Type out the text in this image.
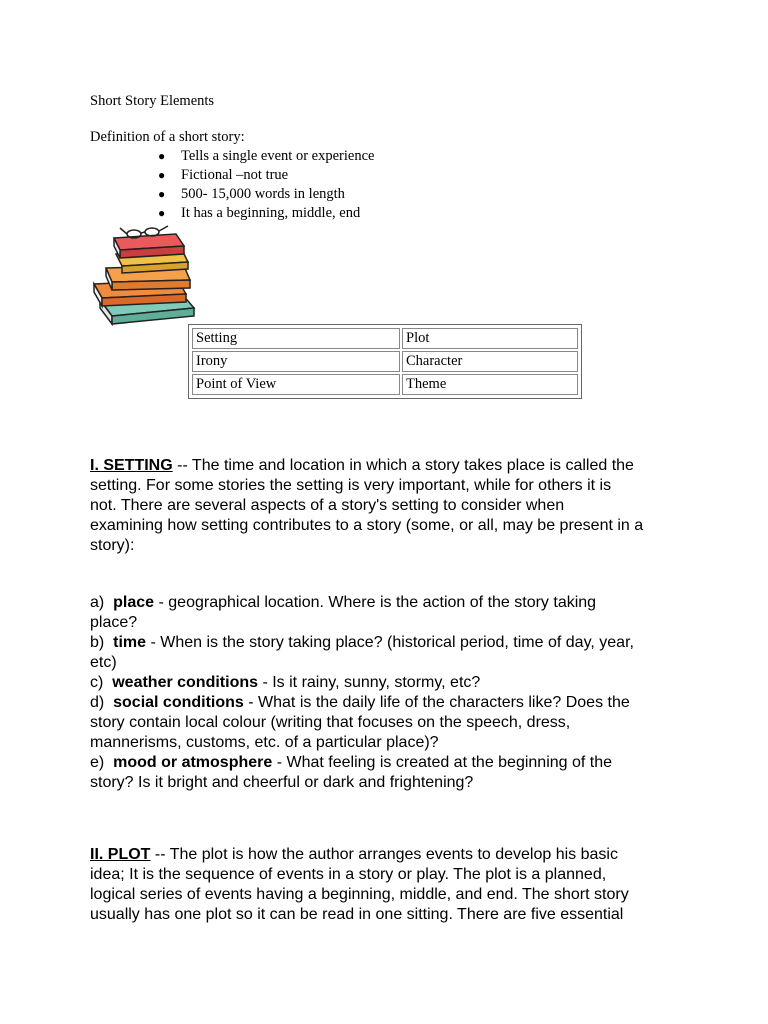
Short Story Elements
Definition of a short story:
● Tells a single event or experience
● Fictional –not true
● 500- 15,000 words in length
● It has a beginning, middle, end
Setting	Plot
Irony	Character
Point of View	Theme
I. SETTING -- The time and location in which a story takes place is called the
setting. For some stories the setting is very important, while for others it is
not. There are several aspects of a story's setting to consider when
examining how setting contributes to a story (some, or all, may be present in a
story):
a)  place - geographical location. Where is the action of the story taking
place?
b)  time - When is the story taking place? (historical period, time of day, year,
etc)
c)  weather conditions - Is it rainy, sunny, stormy, etc?
d)  social conditions - What is the daily life of the characters like? Does the
story contain local colour (writing that focuses on the speech, dress,
mannerisms, customs, etc. of a particular place)?
e)  mood or atmosphere - What feeling is created at the beginning of the
story? Is it bright and cheerful or dark and frightening?
II. PLOT -- The plot is how the author arranges events to develop his basic
idea; It is the sequence of events in a story or play. The plot is a planned,
logical series of events having a beginning, middle, and end. The short story
usually has one plot so it can be read in one sitting. There are five essential
